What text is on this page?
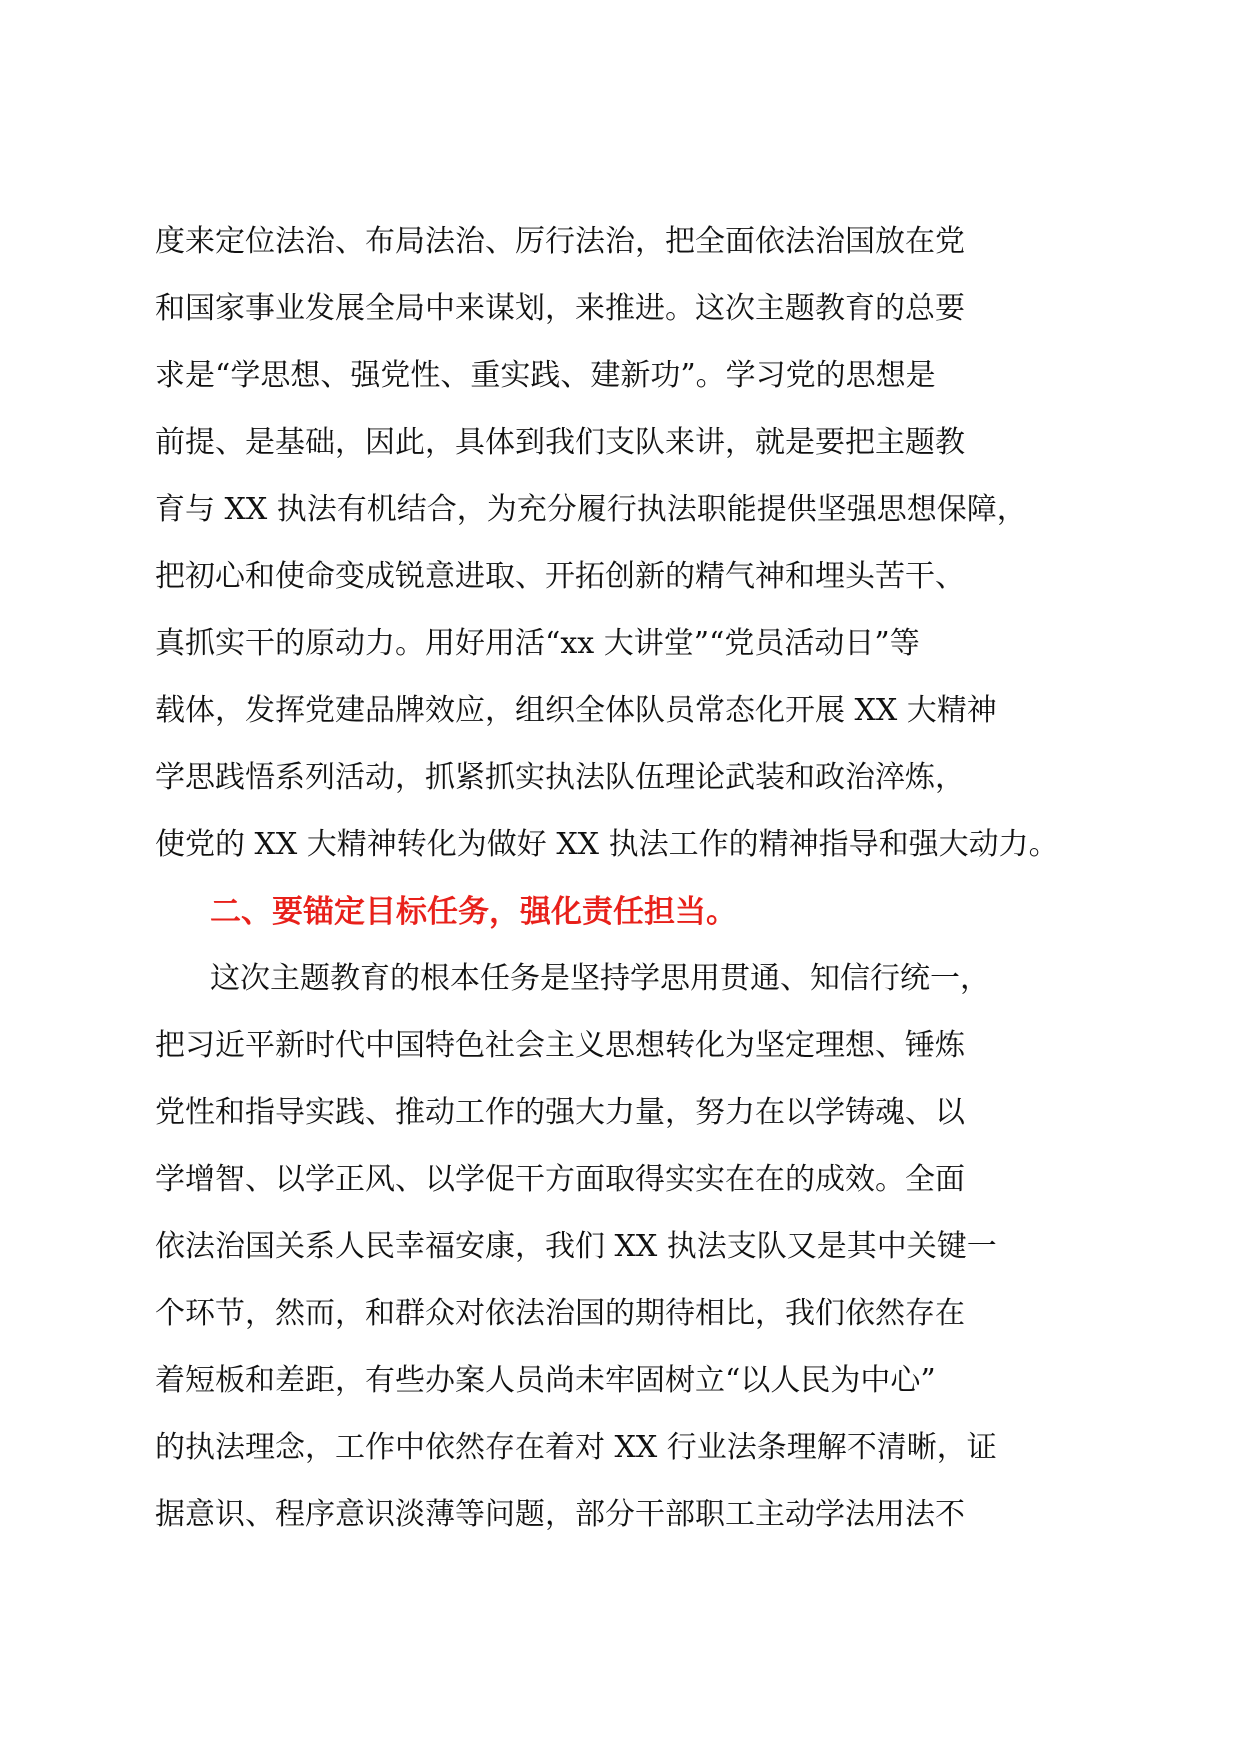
度来定位法治、布局法治、厉行法治，把全面依法治国放在党
和国家事业发展全局中来谋划，来推进。这次主题教育的总要
求是“学思想、强党性、重实践、建新功”。学习党的思想是
前提、是基础，因此，具体到我们支队来讲，就是要把主题教
育与 XX 执法有机结合，为充分履行执法职能提供坚强思想保障，
把初心和使命变成锐意进取、开拓创新的精气神和埋头苦干、
真抓实干的原动力。用好用活“xx 大讲堂”“党员活动日”等
载体，发挥党建品牌效应，组织全体队员常态化开展 XX 大精神
学思践悟系列活动，抓紧抓实执法队伍理论武装和政治淬炼，
使党的 XX 大精神转化为做好 XX 执法工作的精神指导和强大动力。
二、要锚定目标任务，强化责任担当。
这次主题教育的根本任务是坚持学思用贯通、知信行统一，
把习近平新时代中国特色社会主义思想转化为坚定理想、锤炼
党性和指导实践、推动工作的强大力量，努力在以学铸魂、以
学增智、以学正风、以学促干方面取得实实在在的成效。全面
依法治国关系人民幸福安康，我们 XX 执法支队又是其中关键一
个环节，然而，和群众对依法治国的期待相比，我们依然存在
着短板和差距，有些办案人员尚未牢固树立“以人民为中心”
的执法理念，工作中依然存在着对 XX 行业法条理解不清晰，证
据意识、程序意识淡薄等问题，部分干部职工主动学法用法不
